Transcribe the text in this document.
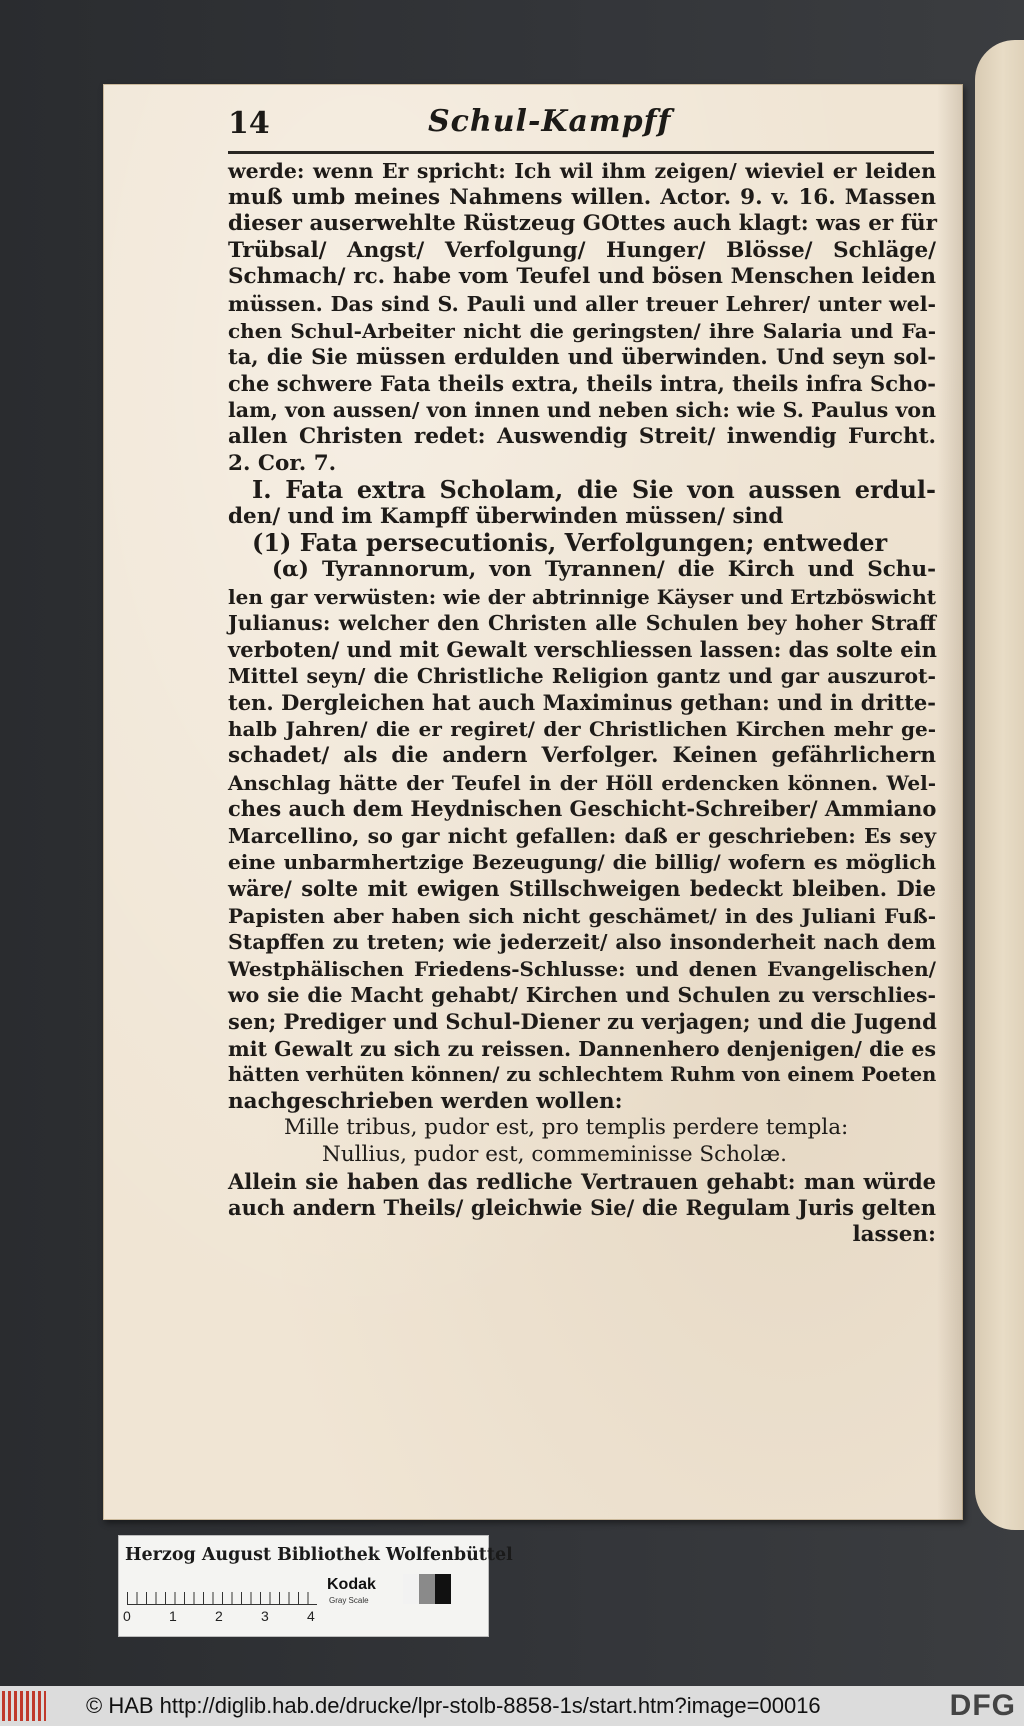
14	Schul-Kampff
werde: wenn Er spricht: Ich wil ihm zeigen/ wieviel er leiden
muß umb meines Nahmens willen. Actor. 9. v. 16. Massen
dieser auserwehlte Rüstzeug GOttes auch klagt: was er für
Trübsal/ Angst/ Verfolgung/ Hunger/ Blösse/ Schläge/
Schmach/ rc. habe vom Teufel und bösen Menschen leiden
müssen. Das sind S. Pauli und aller treuer Lehrer/ unter wel-
chen Schul-Arbeiter nicht die geringsten/ ihre Salaria und Fa-
ta, die Sie müssen erdulden und überwinden. Und seyn sol-
che schwere Fata theils extra, theils intra, theils infra Scho-
lam, von aussen/ von innen und neben sich: wie S. Paulus von
allen Christen redet: Auswendig Streit/ inwendig Furcht.
2. Cor. 7.
I. Fata extra Scholam, die Sie von aussen erdul-
den/ und im Kampff überwinden müssen/ sind
(1) Fata persecutionis, Verfolgungen; entweder
(α) Tyrannorum, von Tyrannen/ die Kirch und Schu-
len gar verwüsten: wie der abtrinnige Käyser und Ertzböswicht
Julianus: welcher den Christen alle Schulen bey hoher Straff
verboten/ und mit Gewalt verschliessen lassen: das solte ein
Mittel seyn/ die Christliche Religion gantz und gar auszurot-
ten. Dergleichen hat auch Maximinus gethan: und in dritte-
halb Jahren/ die er regiret/ der Christlichen Kirchen mehr ge-
schadet/ als die andern Verfolger. Keinen gefährlichern
Anschlag hätte der Teufel in der Höll erdencken können. Wel-
ches auch dem Heydnischen Geschicht-Schreiber/ Ammiano
Marcellino, so gar nicht gefallen: daß er geschrieben: Es sey
eine unbarmhertzige Bezeugung/ die billig/ wofern es möglich
wäre/ solte mit ewigen Stillschweigen bedeckt bleiben. Die
Papisten aber haben sich nicht geschämet/ in des Juliani Fuß-
Stapffen zu treten; wie jederzeit/ also insonderheit nach dem
Westphälischen Friedens-Schlusse: und denen Evangelischen/
wo sie die Macht gehabt/ Kirchen und Schulen zu verschlies-
sen; Prediger und Schul-Diener zu verjagen; und die Jugend
mit Gewalt zu sich zu reissen. Dannenhero denjenigen/ die es
hätten verhüten können/ zu schlechtem Ruhm von einem Poeten
nachgeschrieben werden wollen:
Mille tribus, pudor est, pro templis perdere templa:
Nullius, pudor est, commeminisse Scholæ.
Allein sie haben das redliche Vertrauen gehabt: man würde
auch andern Theils/ gleichwie Sie/ die Regulam Juris gelten
lassen:
Herzog August Bibliothek Wolfenbüttel
0	1	2	3	4
Kodak
Gray Scale
© HAB http://diglib.hab.de/drucke/lpr-stolb-8858-1s/start.htm?image=00016	DFG
